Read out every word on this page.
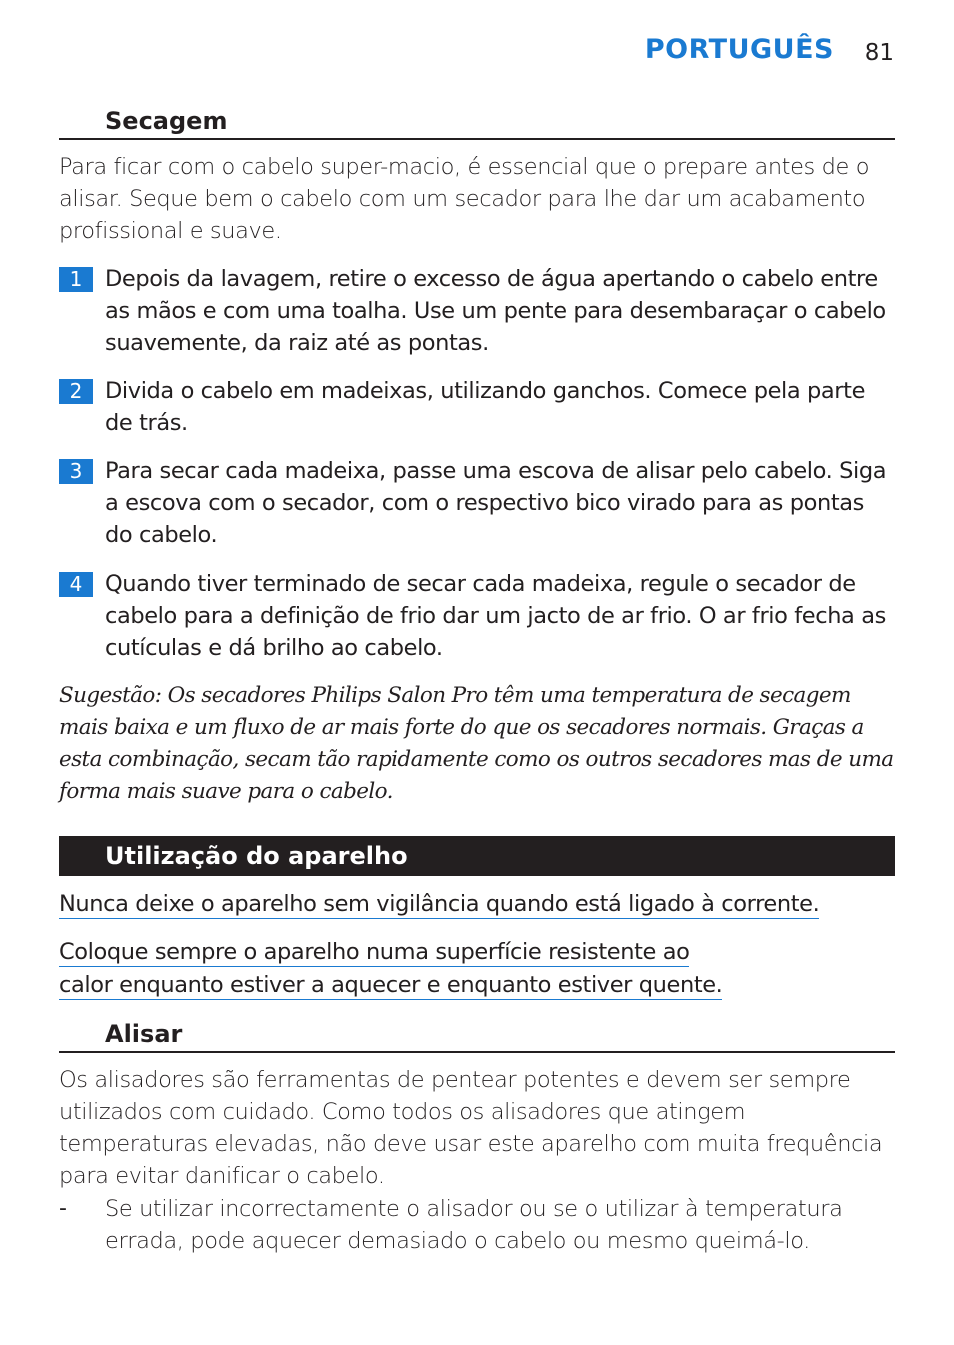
PORTUGUÊS 81
Secagem
Para ficar com o cabelo super-macio, é essencial que o prepare antes de o alisar. Seque bem o cabelo com um secador para lhe dar um acabamento profissional e suave.
1	Depois da lavagem, retire o excesso de água apertando o cabelo entre as mãos e com uma toalha. Use um pente para desembaraçar o cabelo suavemente, da raiz até as pontas.
2	Divida o cabelo em madeixas, utilizando ganchos. Comece pela parte de trás.
3	Para secar cada madeixa, passe uma escova de alisar pelo cabelo. Siga a escova com o secador, com o respectivo bico virado para as pontas do cabelo.
4	Quando tiver terminado de secar cada madeixa, regule o secador de cabelo para a definição de frio dar um jacto de ar frio. O ar frio fecha as cutículas e dá brilho ao cabelo.
Sugestão: Os secadores Philips Salon Pro têm uma temperatura de secagem mais baixa e um fluxo de ar mais forte do que os secadores normais. Graças a esta combinação, secam tão rapidamente como os outros secadores mas de uma forma mais suave para o cabelo.
Utilização do aparelho
Nunca deixe o aparelho sem vigilância quando está ligado à corrente.
Coloque sempre o aparelho numa superfície resistente ao
calor enquanto estiver a aquecer e enquanto estiver quente.
Alisar
Os alisadores são ferramentas de pentear potentes e devem ser sempre utilizados com cuidado. Como todos os alisadores que atingem temperaturas elevadas, não deve usar este aparelho com muita frequência para evitar danificar o cabelo.
- Se utilizar incorrectamente o alisador ou se o utilizar à temperatura errada, pode aquecer demasiado o cabelo ou mesmo queimá-lo.
